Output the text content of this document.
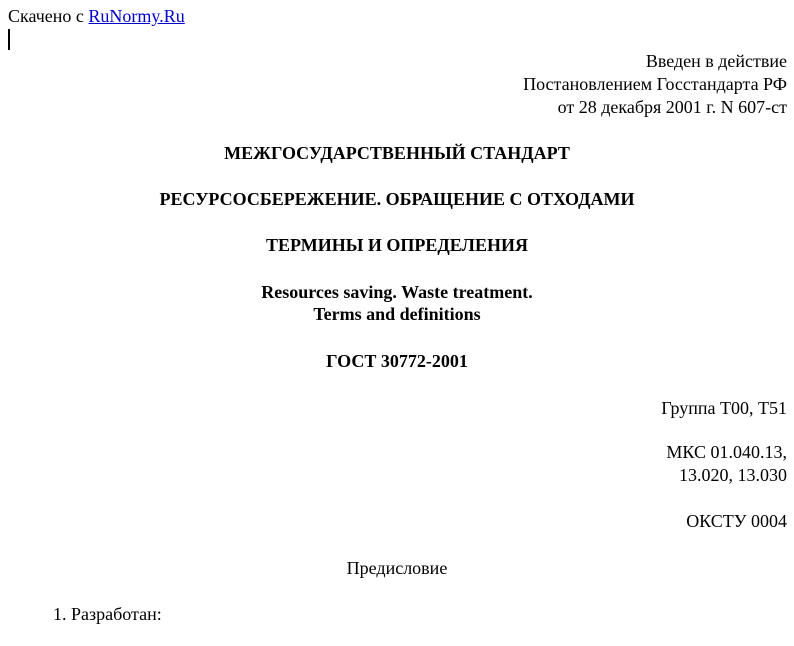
Скачено с RuNormy.Ru
Введен в действие
Постановлением Госстандарта РФ
от 28 декабря 2001 г. N 607-ст
МЕЖГОСУДАРСТВЕННЫЙ СТАНДАРТ
РЕСУРСОСБЕРЕЖЕНИЕ. ОБРАЩЕНИЕ С ОТХОДАМИ
ТЕРМИНЫ И ОПРЕДЕЛЕНИЯ
Resources saving. Waste treatment.
Terms and definitions
ГОСТ 30772-2001
Группа Т00, Т51
МКС 01.040.13,
13.020, 13.030
ОКСТУ 0004
Предисловие
1. Разработан:
